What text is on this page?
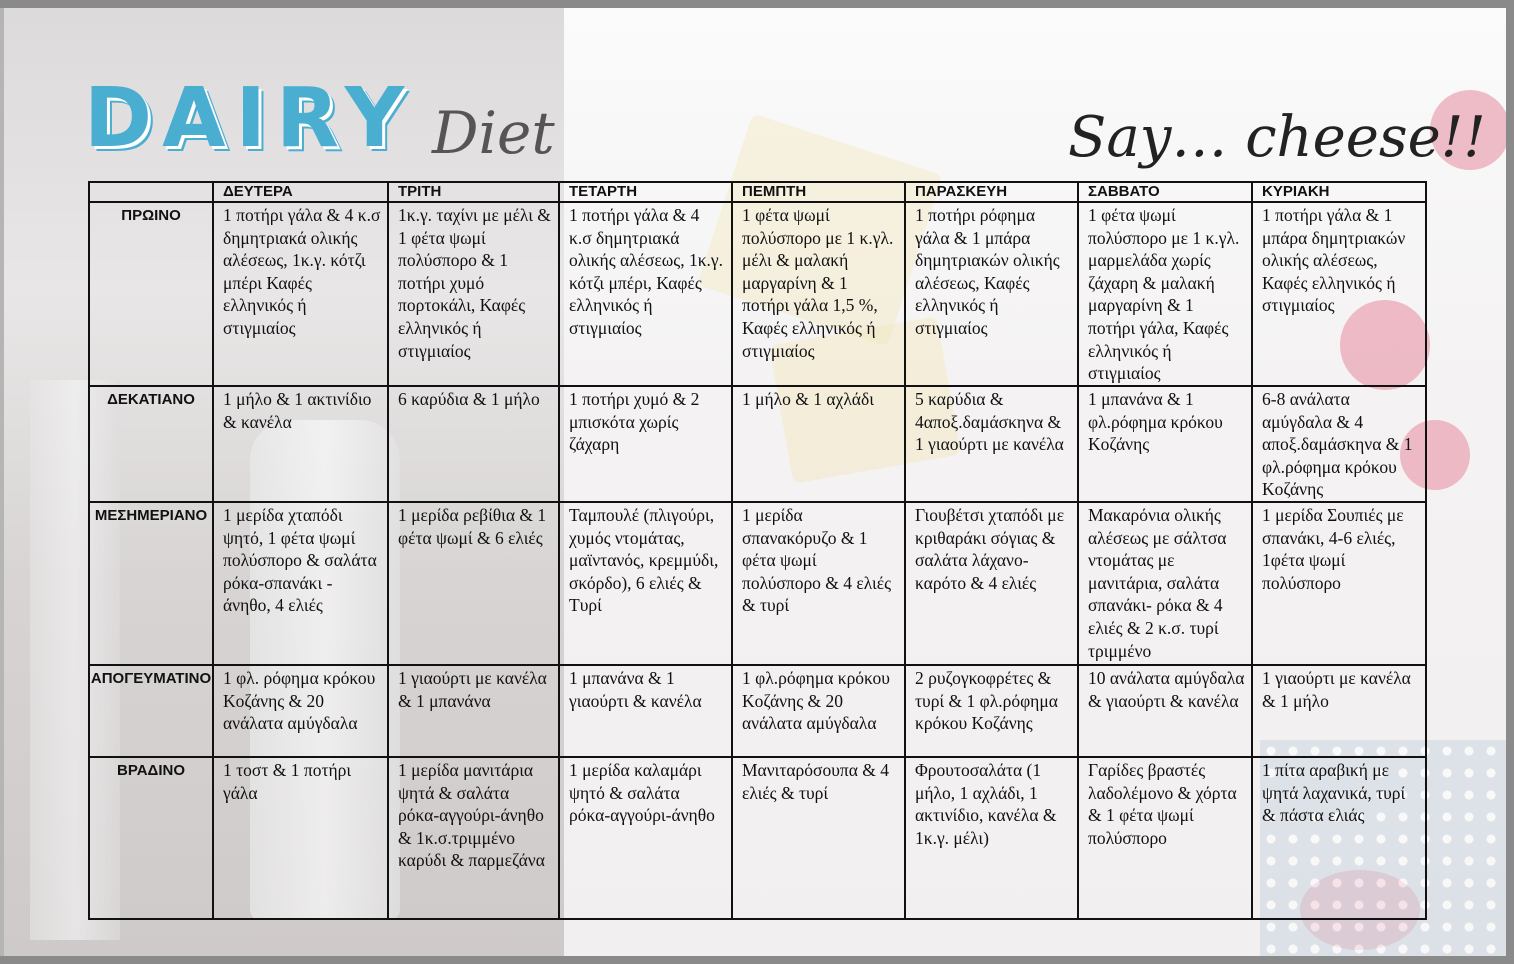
DAIRY Diet	Say… cheese!!
	ΔΕΥΤΕΡΑ	ΤΡΙΤΗ	ΤΕΤΑΡΤΗ	ΠΕΜΠΤΗ	ΠΑΡΑΣΚΕΥΗ	ΣΑΒΒΑΤΟ	ΚΥΡΙΑΚΗ
ΠΡΩΙΝΟ	1 ποτήρι γάλα & 4 κ.σ δημητριακά ολικής αλέσεως, 1κ.γ. κότζι μπέρι Καφές ελληνικός ή στιγμιαίος	1κ.γ. ταχίνι με μέλι & 1 φέτα ψωμί πολύσπορο & 1 ποτήρι χυμό πορτοκάλι, Καφές ελληνικός ή στιγμιαίος	1 ποτήρι γάλα & 4 κ.σ δημητριακά ολικής αλέσεως, 1κ.γ. κότζι μπέρι, Καφές ελληνικός ή στιγμιαίος	1 φέτα ψωμί πολύσπορο με 1 κ.γλ. μέλι & μαλακή μαργαρίνη & 1 ποτήρι γάλα 1,5 %, Καφές ελληνικός ή στιγμιαίος	1 ποτήρι ρόφημα γάλα & 1 μπάρα δημητριακών ολικής αλέσεως, Καφές ελληνικός ή στιγμιαίος	1 φέτα ψωμί πολύσπορο με 1 κ.γλ. μαρμελάδα χωρίς ζάχαρη & μαλακή μαργαρίνη & 1 ποτήρι γάλα, Καφές ελληνικός ή στιγμιαίος	1 ποτήρι γάλα & 1 μπάρα δημητριακών ολικής αλέσεως, Καφές ελληνικός ή στιγμιαίος
ΔΕΚΑΤΙΑΝΟ	1 μήλο & 1 ακτινίδιο & κανέλα	6 καρύδια & 1 μήλο	1 ποτήρι χυμό & 2 μπισκότα χωρίς ζάχαρη	1 μήλο & 1 αχλάδι	5 καρύδια & 4αποξ.δαμάσκηνα & 1 γιαούρτι με κανέλα	1 μπανάνα & 1 φλ.ρόφημα κρόκου Κοζάνης	6-8 ανάλατα αμύγδαλα & 4 αποξ.δαμάσκηνα & 1 φλ.ρόφημα κρόκου Κοζάνης
ΜΕΣΗΜΕΡΙΑΝΟ	1 μερίδα χταπόδι ψητό, 1 φέτα ψωμί πολύσπορο & σαλάτα ρόκα-σπανάκι - άνηθο, 4 ελιές	1 μερίδα ρεβίθια & 1 φέτα ψωμί & 6 ελιές	Ταμπουλέ (πλιγούρι, χυμός ντομάτας, μαϊντανός, κρεμμύδι, σκόρδο), 6 ελιές & Τυρί	1 μερίδα σπανακόρυζο & 1 φέτα ψωμί πολύσπορο & 4 ελιές & τυρί	Γιουβέτσι χταπόδι με κριθαράκι σόγιας & σαλάτα λάχανο-καρότο & 4 ελιές	Μακαρόνια ολικής αλέσεως με σάλτσα ντομάτας με μανιτάρια, σαλάτα σπανάκι- ρόκα & 4 ελιές & 2 κ.σ. τυρί τριμμένο	1 μερίδα Σουπιές με σπανάκι, 4-6 ελιές, 1φέτα ψωμί πολύσπορο
ΑΠΟΓΕΥΜΑΤΙΝΟ	1 φλ. ρόφημα κρόκου Κοζάνης & 20 ανάλατα αμύγδαλα	1 γιαούρτι με κανέλα & 1 μπανάνα	1 μπανάνα & 1 γιαούρτι & κανέλα	1 φλ.ρόφημα κρόκου Κοζάνης & 20 ανάλατα αμύγδαλα	2 ρυζογκοφρέτες & τυρί & 1 φλ.ρόφημα κρόκου Κοζάνης	10 ανάλατα αμύγδαλα & γιαούρτι & κανέλα	1 γιαούρτι με κανέλα & 1 μήλο
ΒΡΑΔΙΝΟ	1 τοστ & 1 ποτήρι γάλα	1 μερίδα μανιτάρια ψητά & σαλάτα ρόκα-αγγούρι-άνηθο & 1κ.σ.τριμμένο καρύδι & παρμεζάνα	1 μερίδα καλαμάρι ψητό & σαλάτα ρόκα-αγγούρι-άνηθο	Μανιταρόσουπα & 4 ελιές & τυρί	Φρουτοσαλάτα (1 μήλο, 1 αχλάδι, 1 ακτινίδιο, κανέλα & 1κ.γ. μέλι)	Γαρίδες βραστές λαδολέμονο & χόρτα & 1 φέτα ψωμί πολύσπορο	1 πίτα αραβική με ψητά λαχανικά, τυρί & πάστα ελιάς
